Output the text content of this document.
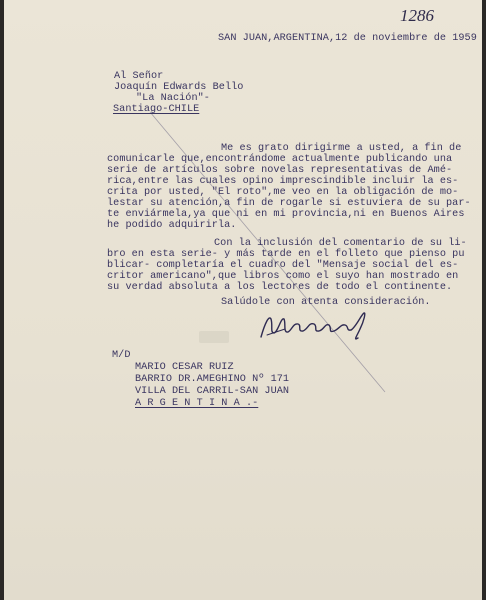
1286

SAN JUAN,ARGENTINA,12 de noviembre de 1959

Al Señor

Joaquín Edwards Bello

"La Nación"-

Santiago-CHILE

Me es grato dirigirme a usted, a fin de

comunicarle que,encontrándome actualmente publicando una

serie de artículos sobre novelas representativas de Amé-

rica,entre las cuales opino imprescindible incluir la es-

crita por usted, "El roto",me veo en la obligación de mo-

lestar su atención,a fin de rogarle si estuviera de su par-

te enviármela,ya que ni en mi provincia,ni en Buenos Aires

he podido adquirirla.

Con la inclusión del comentario de su li-

bro en esta serie- y más tarde en el folleto que pienso pu

blicar- completaría el cuadro del "Mensaje social del es-

critor americano",que libros como el suyo han mostrado en

su verdad absoluta a los lectores de todo el continente.

Salúdole con atenta consideración.

M/D

MARIO CESAR RUIZ

BARRIO DR.AMEGHINO Nº 171

VILLA DEL CARRIL-SAN JUAN

A R G E N T I N A .-
